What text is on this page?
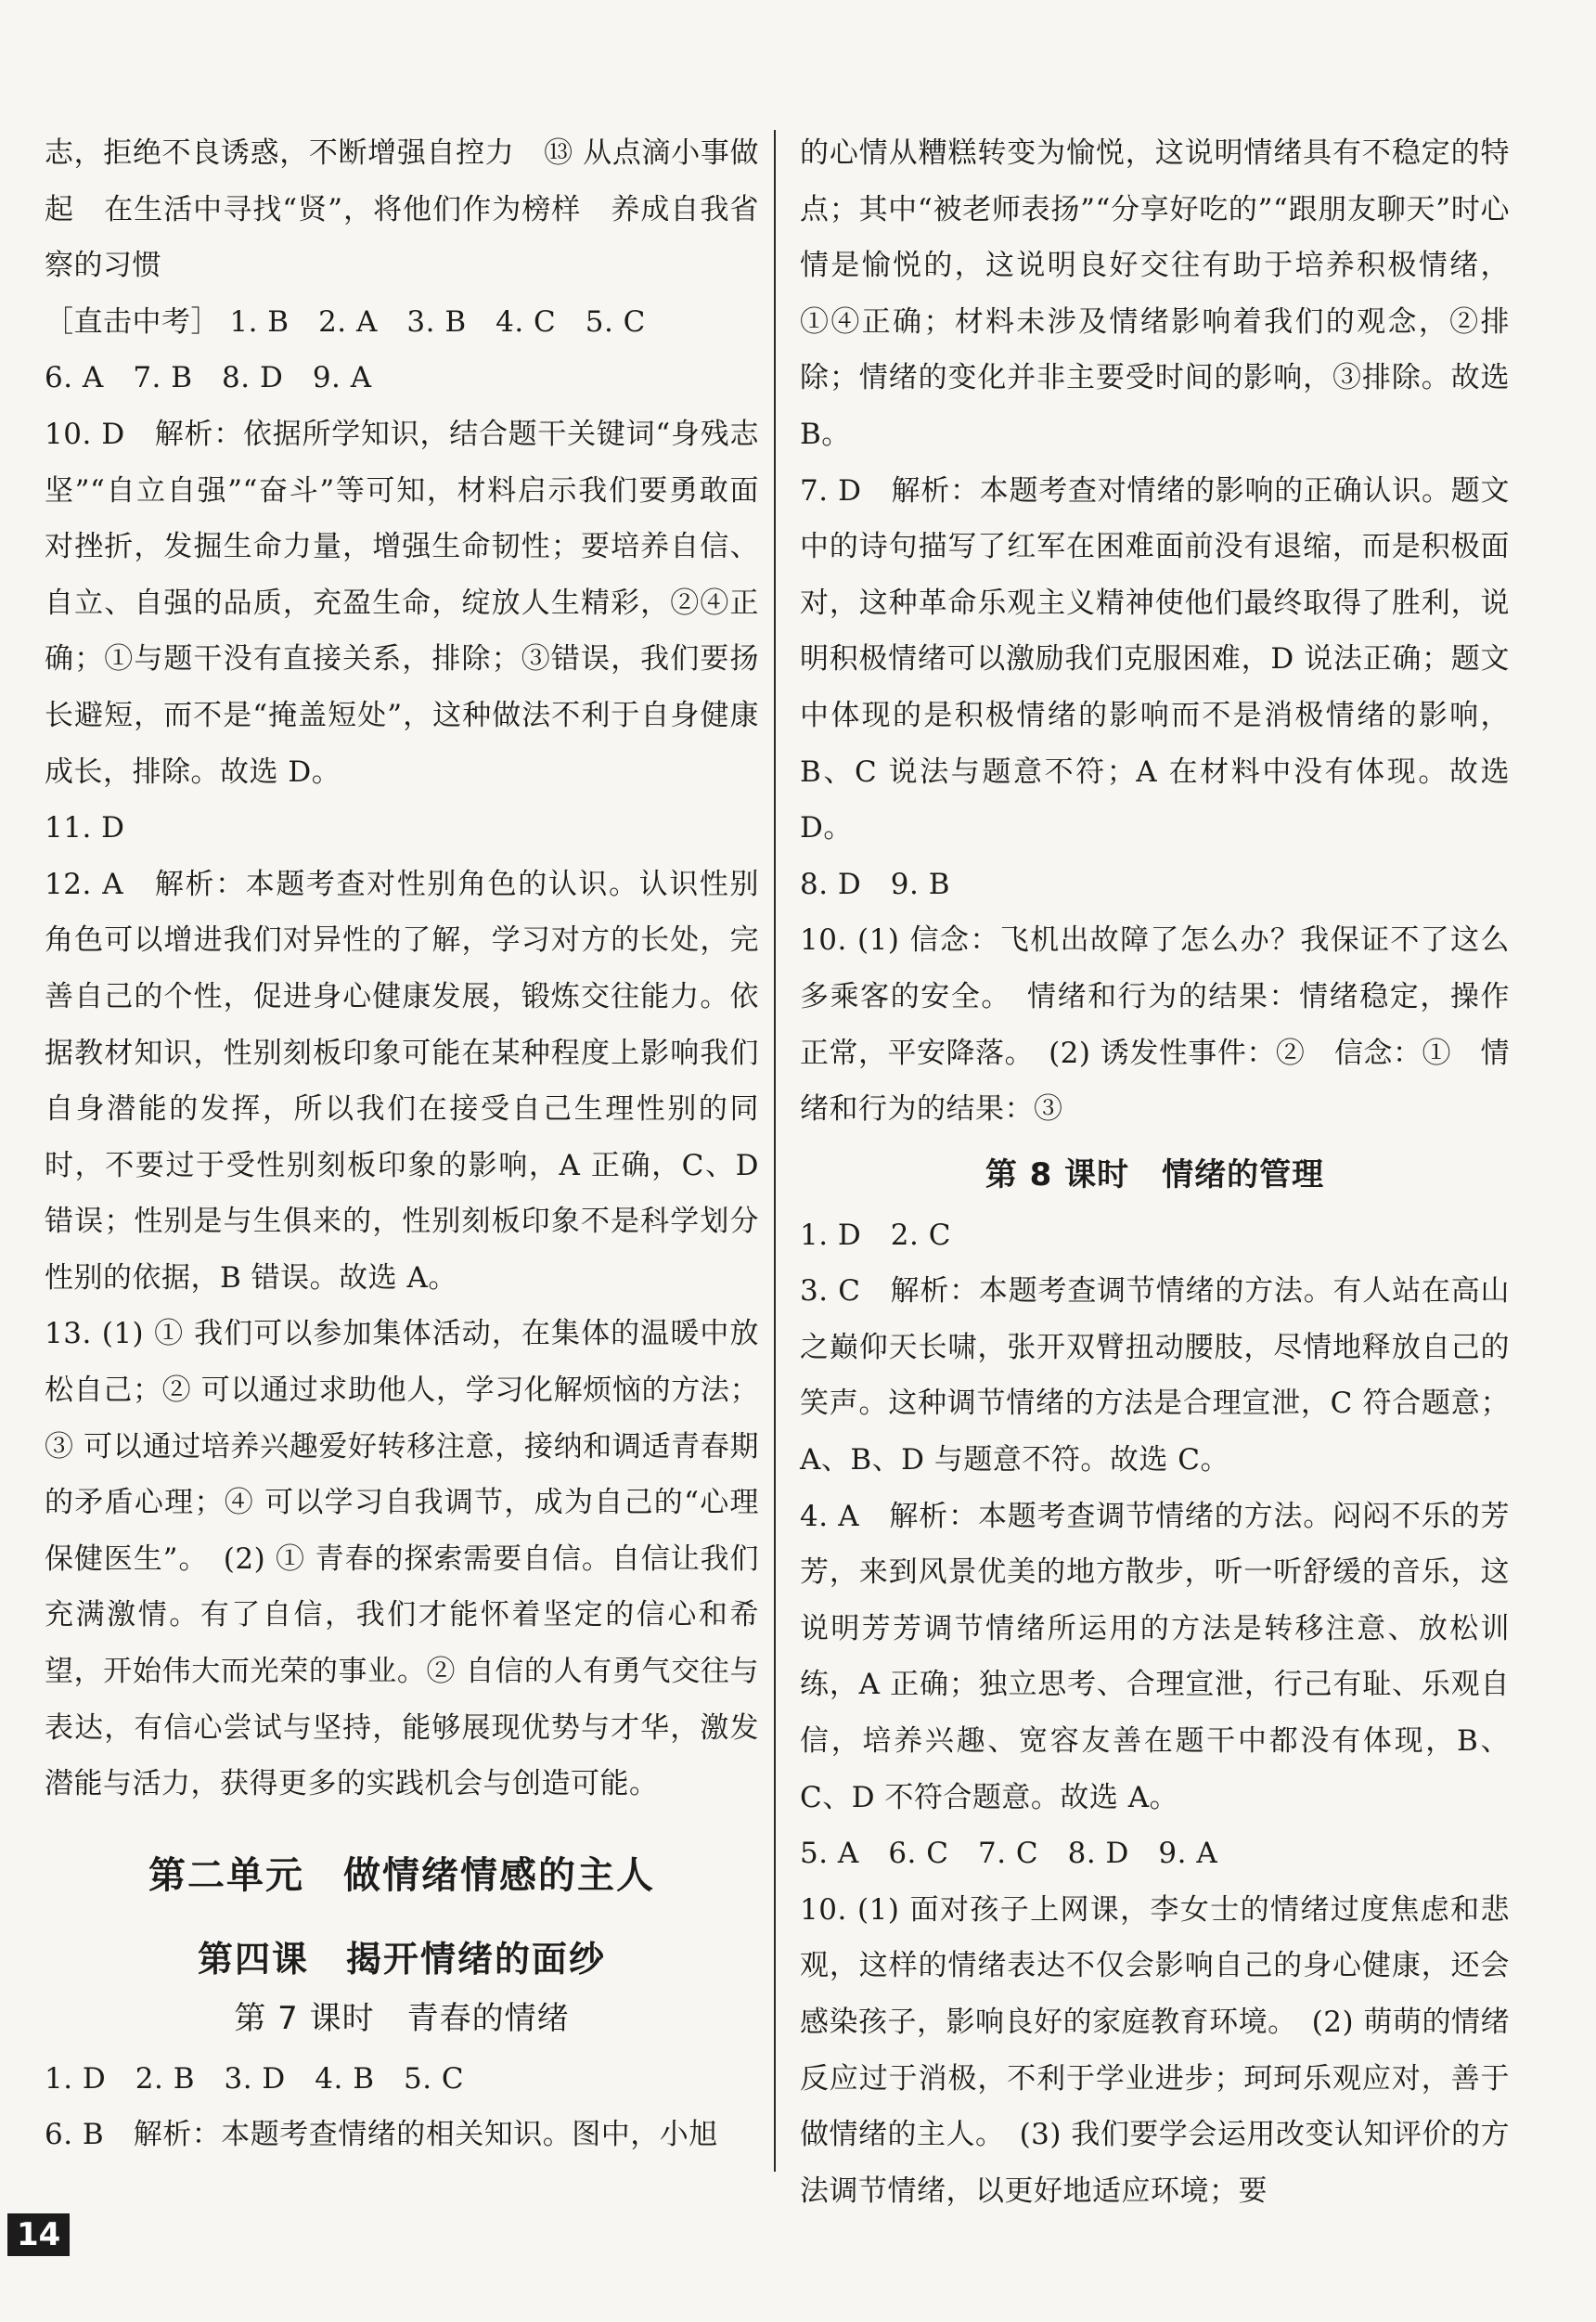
志，拒绝不良诱惑，不断增强自控力　⑬ 从点滴小事做起　在生活中寻找“贤”，将他们作为榜样　养成自我省察的习惯

［直击中考］ 1. B　2. A　3. B　4. C　5. C

6. A　7. B　8. D　9. A

10. D　解析：依据所学知识，结合题干关键词“身残志坚”“自立自强”“奋斗”等可知，材料启示我们要勇敢面对挫折，发掘生命力量，增强生命韧性；要培养自信、自立、自强的品质，充盈生命，绽放人生精彩，②④正确；①与题干没有直接关系，排除；③错误，我们要扬长避短，而不是“掩盖短处”，这种做法不利于自身健康成长，排除。故选 D。

11. D

12. A　解析：本题考查对性别角色的认识。认识性别角色可以增进我们对异性的了解，学习对方的长处，完善自己的个性，促进身心健康发展，锻炼交往能力。依据教材知识，性别刻板印象可能在某种程度上影响我们自身潜能的发挥，所以我们在接受自己生理性别的同时，不要过于受性别刻板印象的影响，A 正确，C、D 错误；性别是与生俱来的，性别刻板印象不是科学划分性别的依据，B 错误。故选 A。

13. (1) ① 我们可以参加集体活动，在集体的温暖中放松自己；② 可以通过求助他人，学习化解烦恼的方法；③ 可以通过培养兴趣爱好转移注意，接纳和调适青春期的矛盾心理；④ 可以学习自我调节，成为自己的“心理保健医生”。　(2) ① 青春的探索需要自信。自信让我们充满激情。有了自信，我们才能怀着坚定的信心和希望，开始伟大而光荣的事业。② 自信的人有勇气交往与表达，有信心尝试与坚持，能够展现优势与才华，激发潜能与活力，获得更多的实践机会与创造可能。

第二单元　做情绪情感的主人
第四课　揭开情绪的面纱
第 7 课时　青春的情绪

1. D　2. B　3. D　4. B　5. C

6. B　解析：本题考查情绪的相关知识。图中，小旭

的心情从糟糕转变为愉悦，这说明情绪具有不稳定的特点；其中“被老师表扬”“分享好吃的”“跟朋友聊天”时心情是愉悦的，这说明良好交往有助于培养积极情绪，①④正确；材料未涉及情绪影响着我们的观念，②排除；情绪的变化并非主要受时间的影响，③排除。故选 B。

7. D　解析：本题考查对情绪的影响的正确认识。题文中的诗句描写了红军在困难面前没有退缩，而是积极面对，这种革命乐观主义精神使他们最终取得了胜利，说明积极情绪可以激励我们克服困难，D 说法正确；题文中体现的是积极情绪的影响而不是消极情绪的影响，B、C 说法与题意不符；A 在材料中没有体现。故选 D。

8. D　9. B

10. (1) 信念：飞机出故障了怎么办？我保证不了这么多乘客的安全。　情绪和行为的结果：情绪稳定，操作正常，平安降落。　(2) 诱发性事件：②　信念：①　情绪和行为的结果：③

第 8 课时　情绪的管理

1. D　2. C

3. C　解析：本题考查调节情绪的方法。有人站在高山之巅仰天长啸，张开双臂扭动腰肢，尽情地释放自己的笑声。这种调节情绪的方法是合理宣泄，C 符合题意；A、B、D 与题意不符。故选 C。

4. A　解析：本题考查调节情绪的方法。闷闷不乐的芳芳，来到风景优美的地方散步，听一听舒缓的音乐，这说明芳芳调节情绪所运用的方法是转移注意、放松训练，A 正确；独立思考、合理宣泄，行己有耻、乐观自信，培养兴趣、宽容友善在题干中都没有体现，B、C、D 不符合题意。故选 A。

5. A　6. C　7. C　8. D　9. A

10. (1) 面对孩子上网课，李女士的情绪过度焦虑和悲观，这样的情绪表达不仅会影响自己的身心健康，还会感染孩子，影响良好的家庭教育环境。　(2) 萌萌的情绪反应过于消极，不利于学业进步；珂珂乐观应对，善于做情绪的主人。　(3) 我们要学会运用改变认知评价的方法调节情绪，以更好地适应环境；要

14
